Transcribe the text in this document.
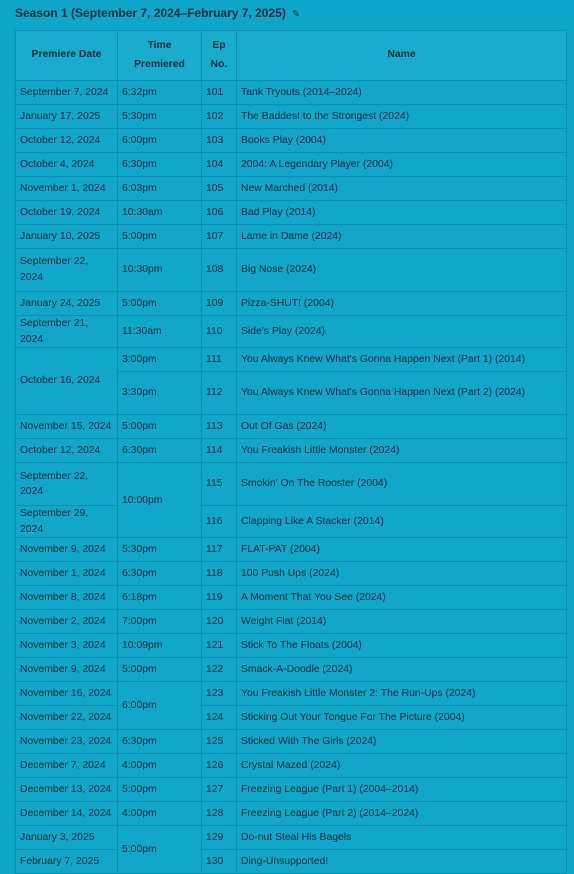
Season 1 (September 7, 2024–February 7, 2025) ✎
Premiere Date	Time Premiered	Ep No.	Name
September 7, 2024	6:32pm	101	Tank Tryouts (2014–2024)
January 17, 2025	5:30pm	102	The Baddest to the Strongest (2024)
October 12, 2024	6:00pm	103	Books Play (2004)
October 4, 2024	6:30pm	104	2004: A Legendary Player (2004)
November 1, 2024	6:03pm	105	New Marched (2014)
October 19, 2024	10:30am	106	Bad Play (2014)
January 10, 2025	5:00pm	107	Lame in Dame (2024)
September 22, 2024	10:30pm	108	Big Nose (2024)
January 24, 2025	5:00pm	109	Pizza-SHUT! (2004)
September 21, 2024	11:30am	110	Side's Play (2024)
October 16, 2024	3:00pm	111	You Always Knew What's Gonna Happen Next (Part 1) (2014)
	3:30pm	112	You Always Knew What's Gonna Happen Next (Part 2) (2024)
November 15, 2024	5:00pm	113	Out Of Gas (2024)
October 12, 2024	6:30pm	114	You Freakish Little Monster (2024)
September 22, 2024	10:00pm	115	Smokin' On The Rooster (2004)
September 29, 2024		116	Clapping Like A Stacker (2014)
November 9, 2024	5:30pm	117	FLAT-PAT (2004)
November 1, 2024	6:30pm	118	100 Push Ups (2024)
November 8, 2024	6:18pm	119	A Moment That You See (2024)
November 2, 2024	7:00pm	120	Weight Flat (2014)
November 3, 2024	10:09pm	121	Stick To The Floats (2004)
November 9, 2024	5:00pm	122	Smack-A-Doodle (2024)
November 16, 2024	6:00pm	123	You Freakish Little Monster 2: The Run-Ups (2024)
November 22, 2024		124	Sticking Out Your Tongue For The Picture (2004)
November 23, 2024	6:30pm	125	Sticked With The Girls (2024)
December 7, 2024	4:00pm	126	Crystal Mazed (2024)
December 13, 2024	5:00pm	127	Freezing League (Part 1) (2004–2014)
December 14, 2024	4:00pm	128	Freezing League (Part 2) (2014–2024)
January 3, 2025	5:00pm	129	Do-nut Steal His Bagels
February 7, 2025		130	Ding-Unsupported!
